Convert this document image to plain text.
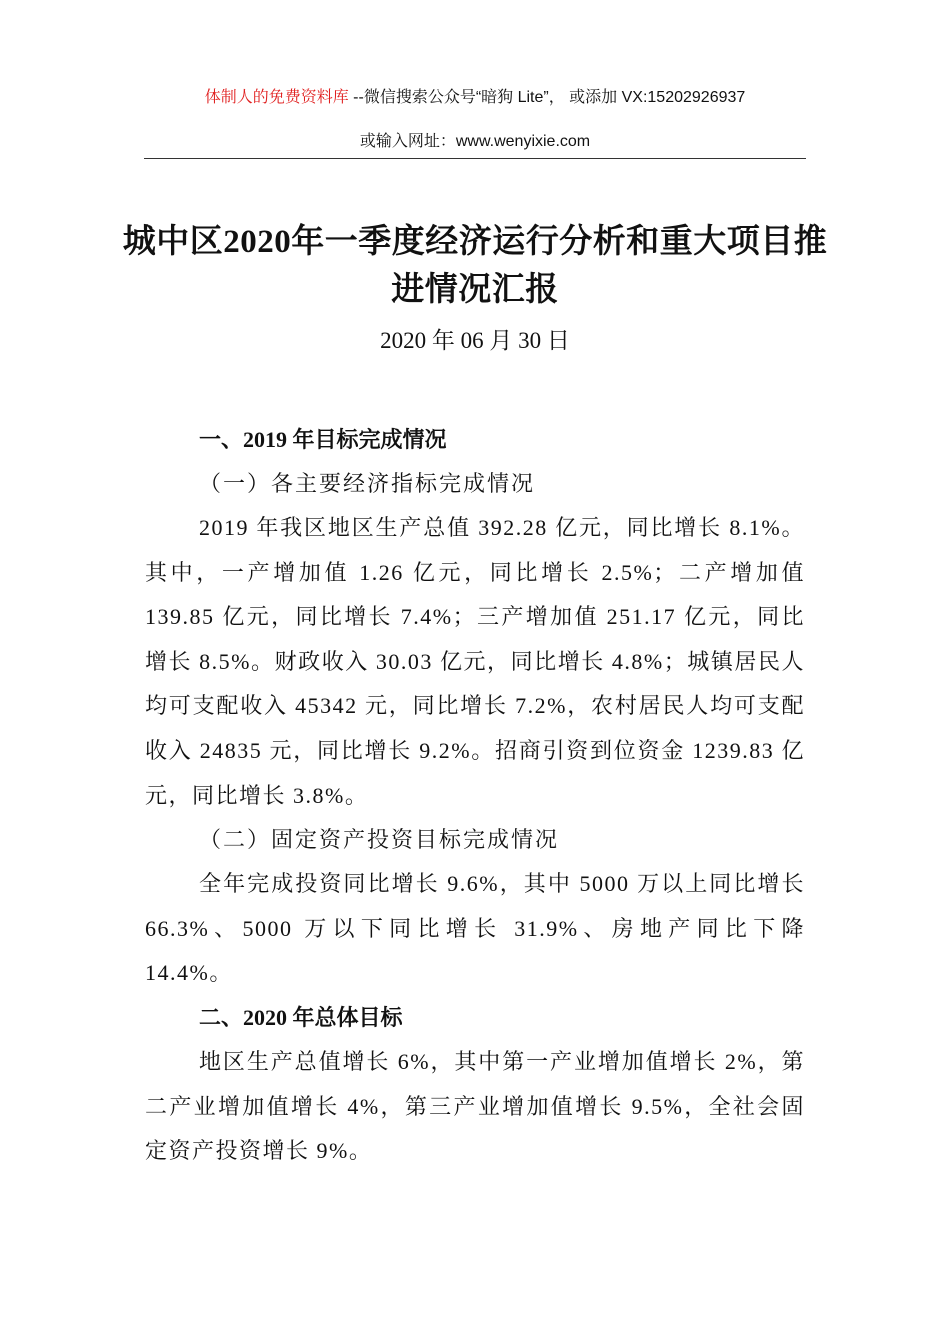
体制人的免费资料库 --微信搜索公众号“暗狗 Lite”， 或添加 VX:15202926937
或输入网址：www.wenyixie.com
城中区2020年一季度经济运行分析和重大项目推进情况汇报
2020 年 06 月 30 日
一、2019 年目标完成情况
（一）各主要经济指标完成情况

2019 年我区地区生产总值 392.28 亿元，同比增长 8.1%。其中，一产增加值 1.26 亿元，同比增长 2.5%；二产增加值 139.85 亿元，同比增长 7.4%；三产增加值 251.17 亿元，同比增长 8.5%。财政收入 30.03 亿元，同比增长 4.8%；城镇居民人均可支配收入 45342 元，同比增长 7.2%，农村居民人均可支配收入 24835 元，同比增长 9.2%。招商引资到位资金 1239.83 亿元，同比增长 3.8%。

（二）固定资产投资目标完成情况

全年完成投资同比增长 9.6%，其中 5000 万以上同比增长 66.3%、5000 万以下同比增长 31.9%、房地产同比下降 14.4%。

二、2020 年总体目标

地区生产总值增长 6%，其中第一产业增加值增长 2%，第二产业增加值增长 4%，第三产业增加值增长 9.5%，全社会固定资产投资增长 9%。
